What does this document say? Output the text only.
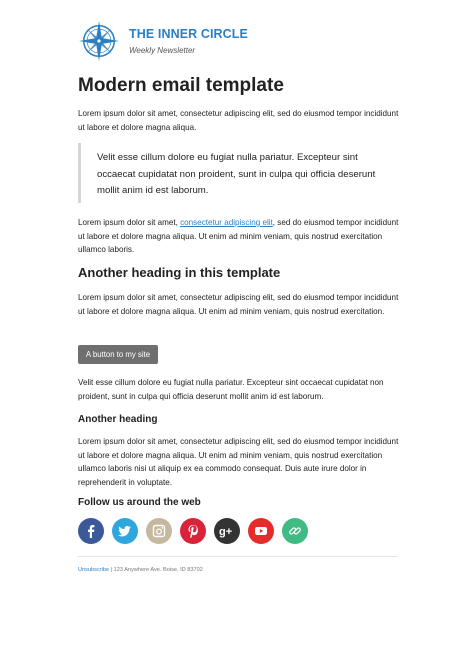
THE INNER CIRCLE
Weekly Newsletter
Modern email template

Lorem ipsum dolor sit amet, consectetur adipiscing elit, sed do eiusmod tempor incididunt ut labore et dolore magna aliqua.

Velit esse cillum dolore eu fugiat nulla pariatur. Excepteur sint occaecat cupidatat non proident, sunt in culpa qui officia deserunt mollit anim id est laborum.

Lorem ipsum dolor sit amet, consectetur adipiscing elit, sed do eiusmod tempor incididunt ut labore et dolore magna aliqua. Ut enim ad minim veniam, quis nostrud exercitation ullamco laboris.

Another heading in this template

Lorem ipsum dolor sit amet, consectetur adipiscing elit, sed do eiusmod tempor incididunt ut labore et dolore magna aliqua. Ut enim ad minim veniam, quis nostrud exercitation.

A button to my site

Velit esse cillum dolore eu fugiat nulla pariatur. Excepteur sint occaecat cupidatat non proident, sunt in culpa qui officia deserunt mollit anim id est laborum.

Another heading

Lorem ipsum dolor sit amet, consectetur adipiscing elit, sed do eiusmod tempor incididunt ut labore et dolore magna aliqua. Ut enim ad minim veniam, quis nostrud exercitation ullamco laboris nisi ut aliquip ex ea commodo consequat. Duis aute irure dolor in reprehenderit in voluptate.

Follow us around the web
g+
Unsubscribe | 123 Anywhere Ave. Boise, ID 83702
